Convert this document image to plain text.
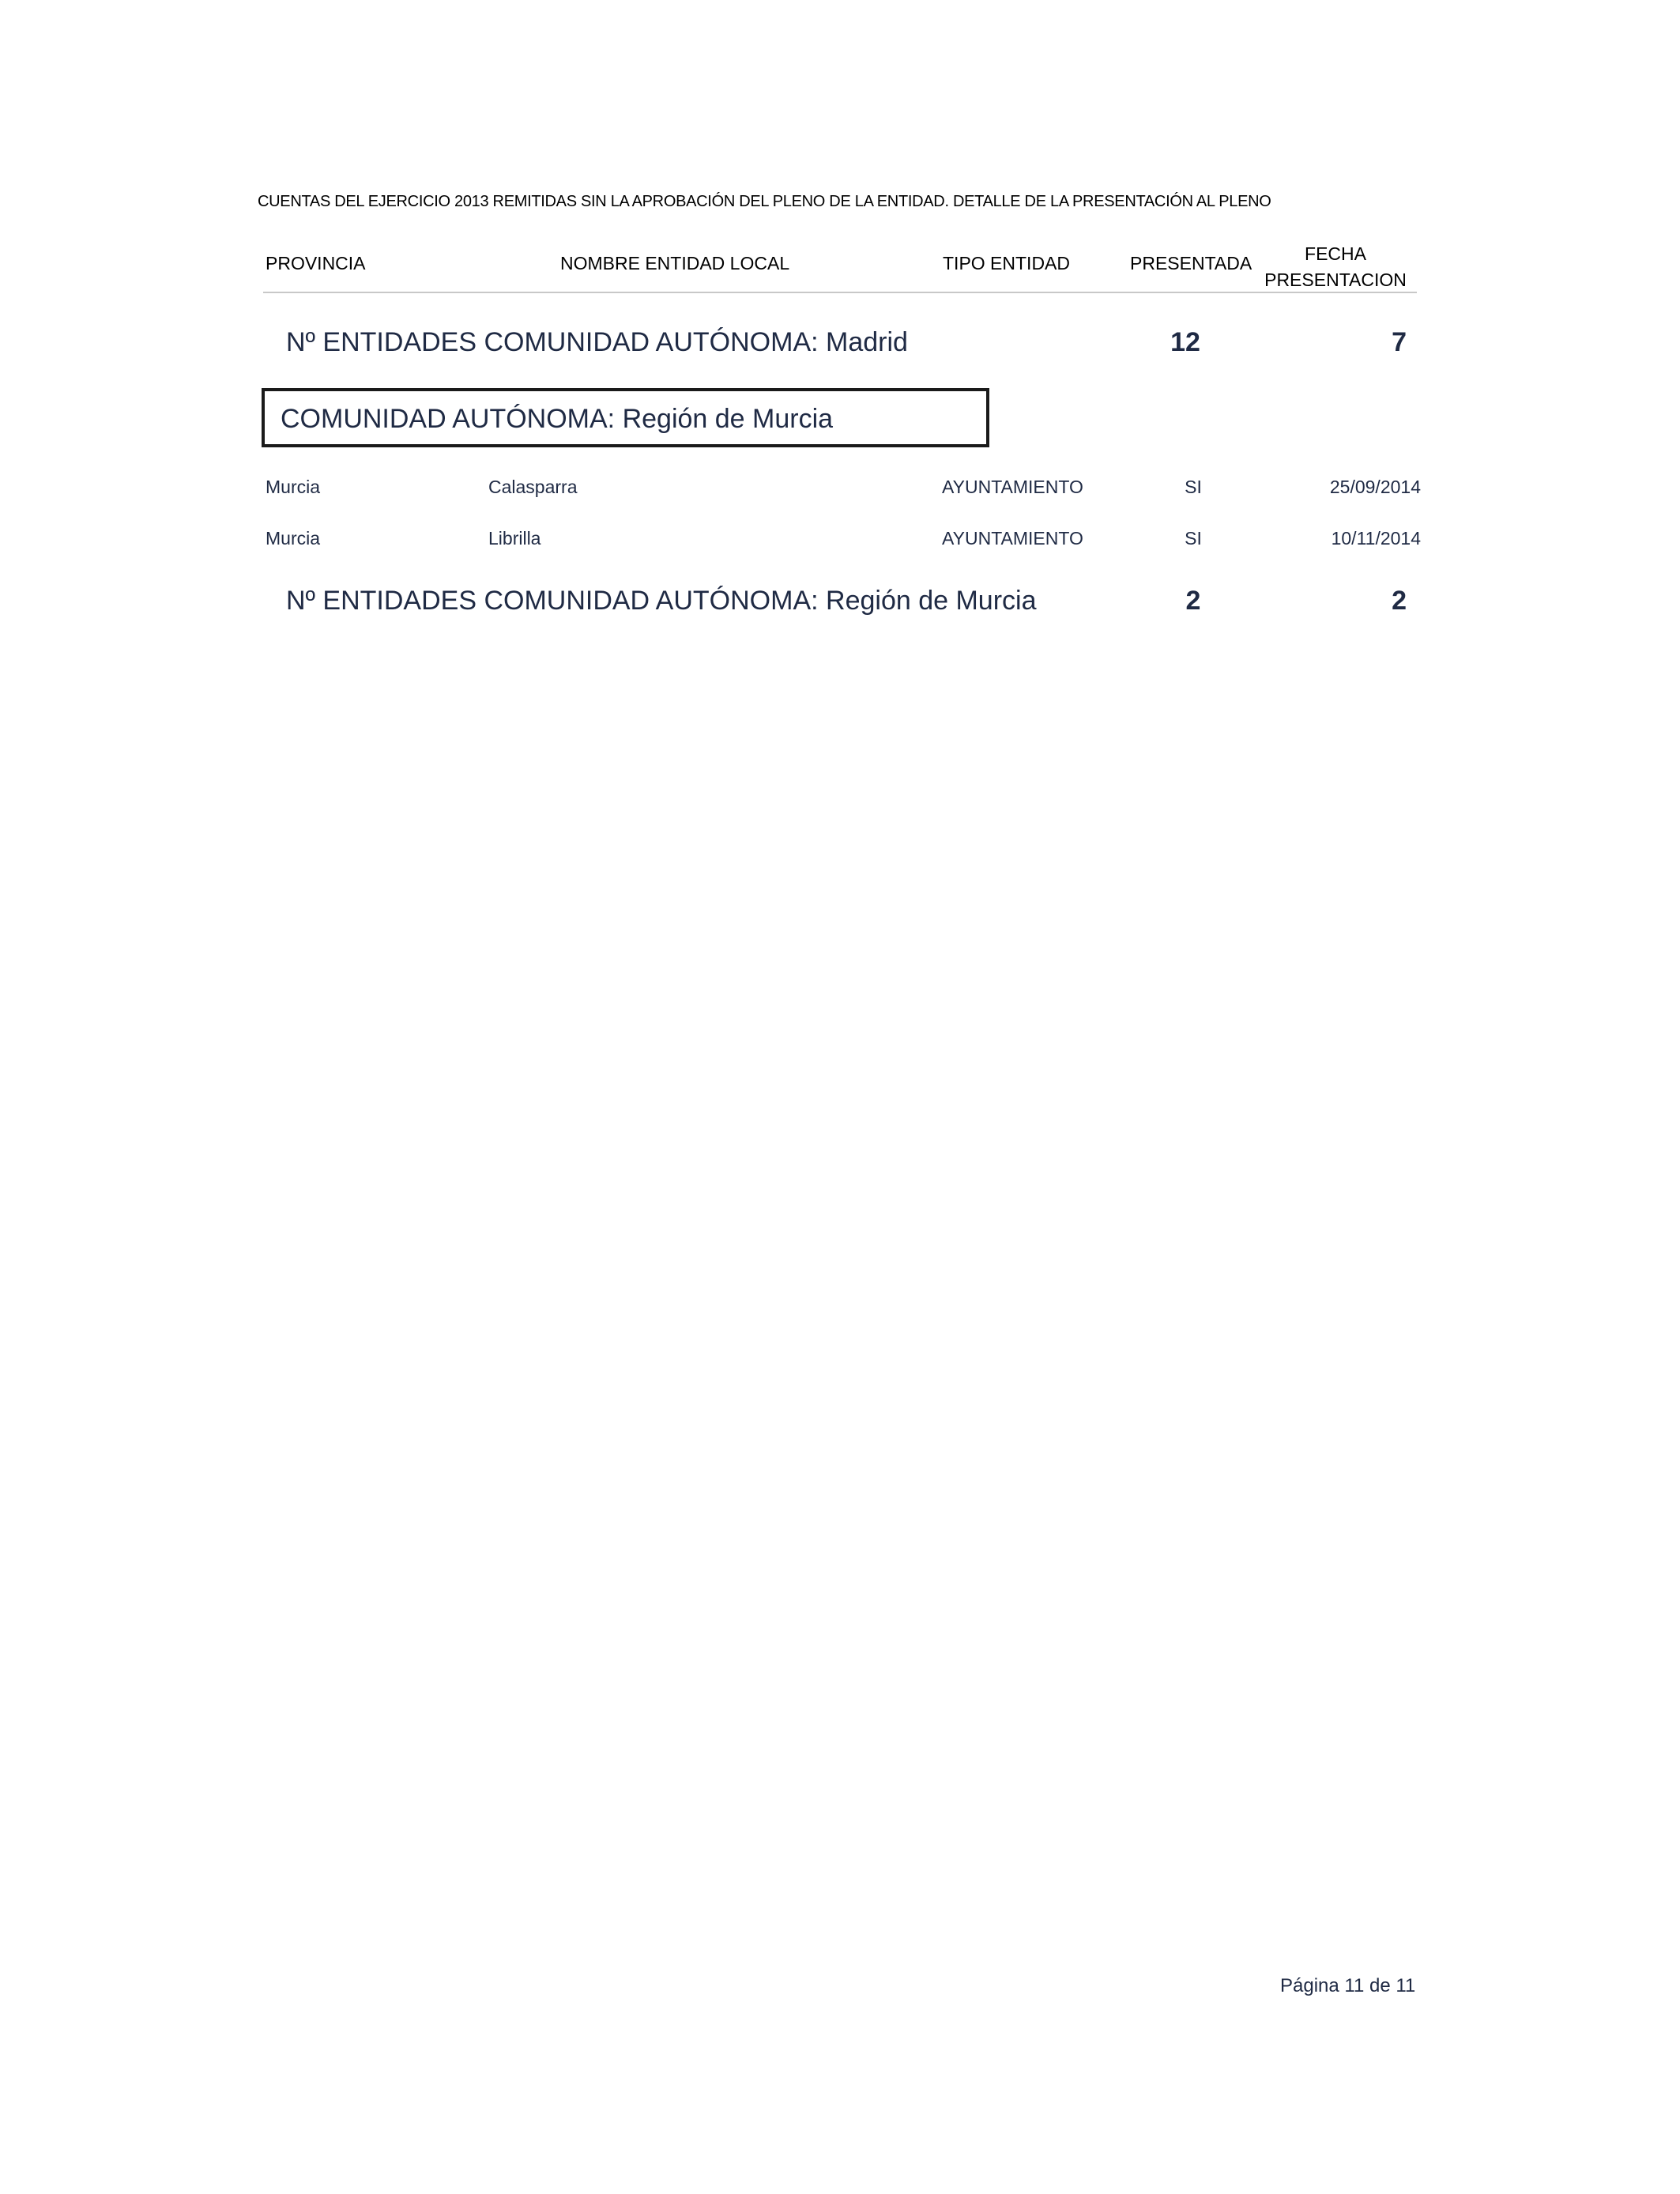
CUENTAS DEL EJERCICIO 2013 REMITIDAS SIN LA APROBACIÓN DEL PLENO DE LA ENTIDAD. DETALLE DE LA PRESENTACIÓN AL PLENO
PROVINCIA	NOMBRE ENTIDAD LOCAL	TIPO ENTIDAD	PRESENTADA	FECHA
PRESENTACION
Nº ENTIDADES COMUNIDAD AUTÓNOMA: Madrid	12	7
COMUNIDAD AUTÓNOMA: Región de Murcia
Murcia	Calasparra	AYUNTAMIENTO	SI	25/09/2014
Murcia	Librilla	AYUNTAMIENTO	SI	10/11/2014
Nº ENTIDADES COMUNIDAD AUTÓNOMA: Región de Murcia	2	2
Página 11 de 11
